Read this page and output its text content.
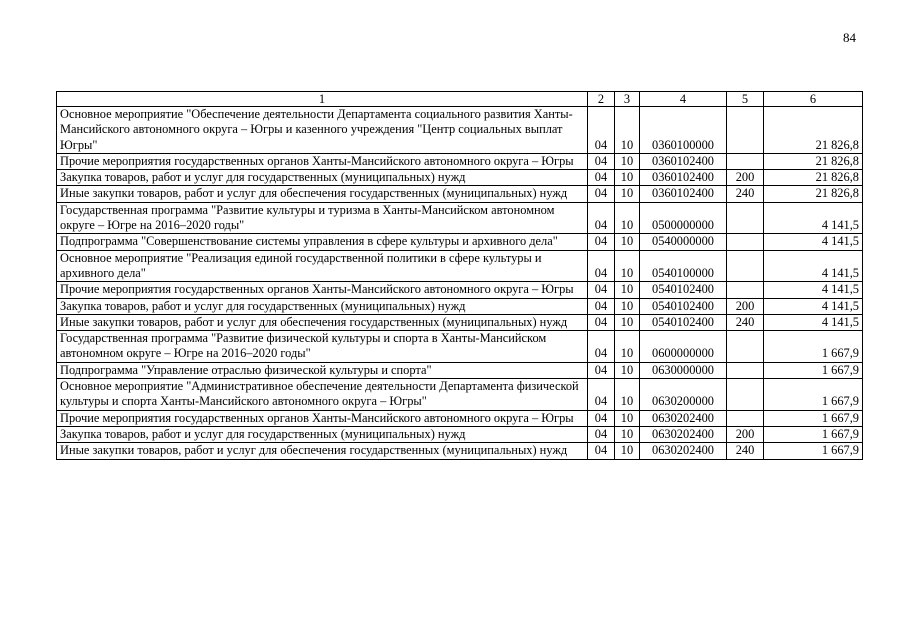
84
1	2	3	4	5	6
Основное мероприятие "Обеспечение деятельности Департамента социального развития Ханты-Мансийского автономного округа – Югры и казенного учреждения "Центр социальных выплат Югры"	04	10	0360100000		21 826,8
Прочие мероприятия государственных органов Ханты-Мансийского автономного округа – Югры	04	10	0360102400		21 826,8
Закупка товаров, работ и услуг для государственных (муниципальных) нужд	04	10	0360102400	200	21 826,8
Иные закупки товаров, работ и услуг для обеспечения государственных (муниципальных) нужд	04	10	0360102400	240	21 826,8
Государственная программа "Развитие культуры и туризма в Ханты-Мансийском автономном округе – Югре на 2016–2020 годы"	04	10	0500000000		4 141,5
Подпрограмма "Совершенствование системы управления в сфере культуры и архивного дела"	04	10	0540000000		4 141,5
Основное мероприятие "Реализация единой государственной политики в сфере культуры и архивного дела"	04	10	0540100000		4 141,5
Прочие мероприятия государственных органов Ханты-Мансийского автономного округа – Югры	04	10	0540102400		4 141,5
Закупка товаров, работ и услуг для государственных (муниципальных) нужд	04	10	0540102400	200	4 141,5
Иные закупки товаров, работ и услуг для обеспечения государственных (муниципальных) нужд	04	10	0540102400	240	4 141,5
Государственная программа "Развитие физической культуры и спорта в Ханты-Мансийском автономном округе – Югре на 2016–2020 годы"	04	10	0600000000		1 667,9
Подпрограмма "Управление отраслью физической культуры и спорта"	04	10	0630000000		1 667,9
Основное мероприятие "Административное обеспечение деятельности Департамента физической культуры и спорта Ханты-Мансийского автономного округа – Югры"	04	10	0630200000		1 667,9
Прочие мероприятия государственных органов Ханты-Мансийского автономного округа – Югры	04	10	0630202400		1 667,9
Закупка товаров, работ и услуг для государственных (муниципальных) нужд	04	10	0630202400	200	1 667,9
Иные закупки товаров, работ и услуг для обеспечения государственных (муниципальных) нужд	04	10	0630202400	240	1 667,9
